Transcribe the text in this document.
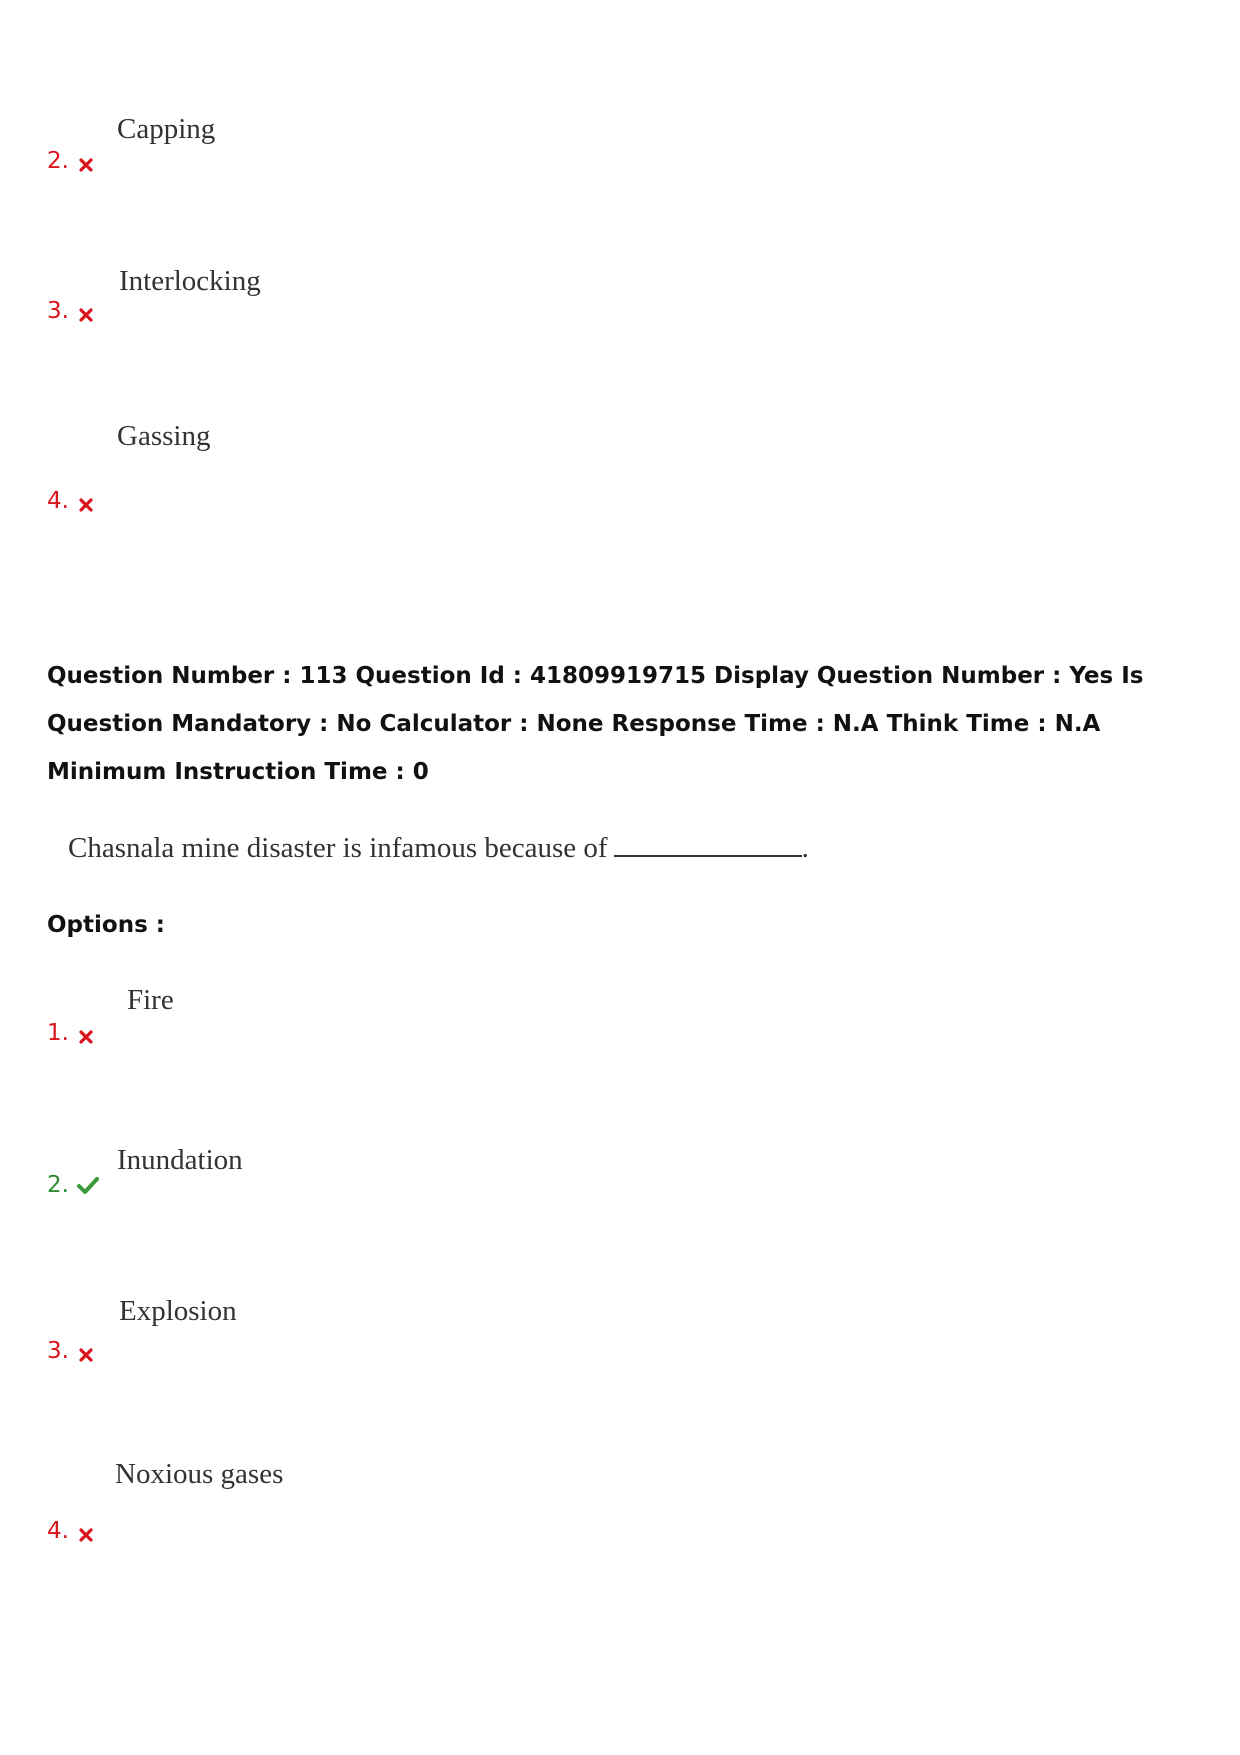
Capping
2.
Interlocking
3.
Gassing
4.
Question Number : 113 Question Id : 41809919715 Display Question Number : Yes Is Question Mandatory : No Calculator : None Response Time : N.A Think Time : N.A Minimum Instruction Time : 0
Chasnala mine disaster is infamous because of	.
Options :
Fire
1.
Inundation
2.
Explosion
3.
Noxious gases
4.
